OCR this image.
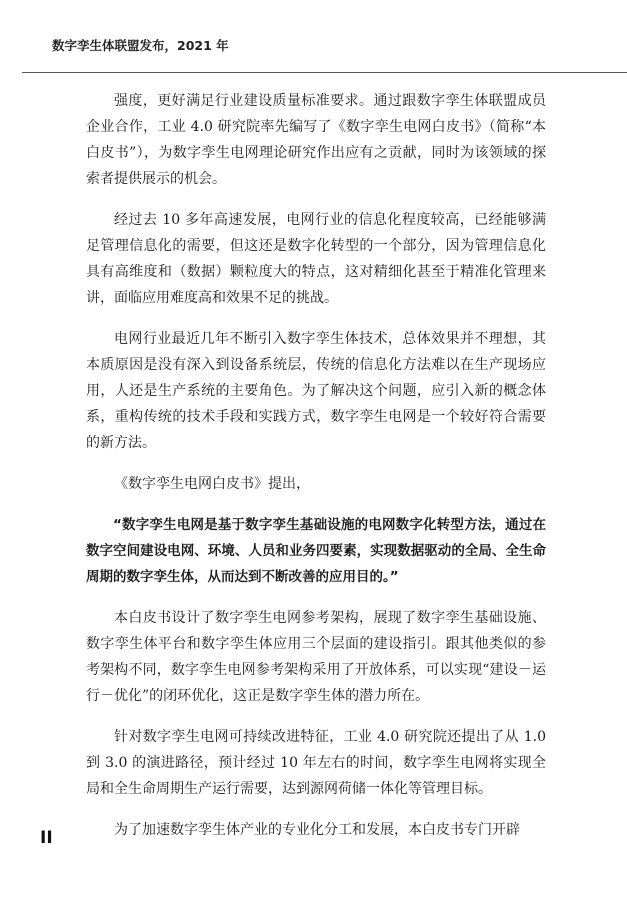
数字孪生体联盟发布，2021 年

强度，更好满足行业建设质量标准要求。通过跟数字孪生体联盟成员 企业合作，工业 4.0 研究院率先编写了《数字孪生电网白皮书》（简称“本白皮书”），为数字孪生电网理论研究作出应有之贡献，同时为该领域的探索者提供展示的机会。

经过去 10 多年高速发展，电网行业的信息化程度较高，已经能够满足管理信息化的需要，但这还是数字化转型的一个部分，因为管理信息化具有高维度和（数据）颗粒度大的特点，这对精细化甚至于精准化管理来讲，面临应用难度高和效果不足的挑战。

电网行业最近几年不断引入数字孪生体技术，总体效果并不理想，其本质原因是没有深入到设备系统层，传统的信息化方法难以在生产现场应用，人还是生产系统的主要角色。为了解决这个问题，应引入新的概念体系，重构传统的技术手段和实践方式，数字孪生电网是一个较好符合需要的新方法。

《数字孪生电网白皮书》提出，

“数字孪生电网是基于数字孪生基础设施的电网数字化转型方法，通过在数字空间建设电网、环境、人员和业务四要素，实现数据驱动的全局、全生命周期的数字孪生体，从而达到不断改善的应用目的。”

本白皮书设计了数字孪生电网参考架构，展现了数字孪生基础设施、数字孪生体平台和数字孪生体应用三个层面的建设指引。跟其他类似的参考架构不同，数字孪生电网参考架构采用了开放体系，可以实现“建设－运行－优化”的闭环优化，这正是数字孪生体的潜力所在。

针对数字孪生电网可持续改进特征，工业 4.0 研究院还提出了从 1.0 到 3.0 的演进路径，预计经过 10 年左右的时间，数字孪生电网将实现全局和全生命周期生产运行需要，达到源网荷储一体化等管理目标。

为了加速数字孪生体产业的专业化分工和发展，本白皮书专门开辟

II
